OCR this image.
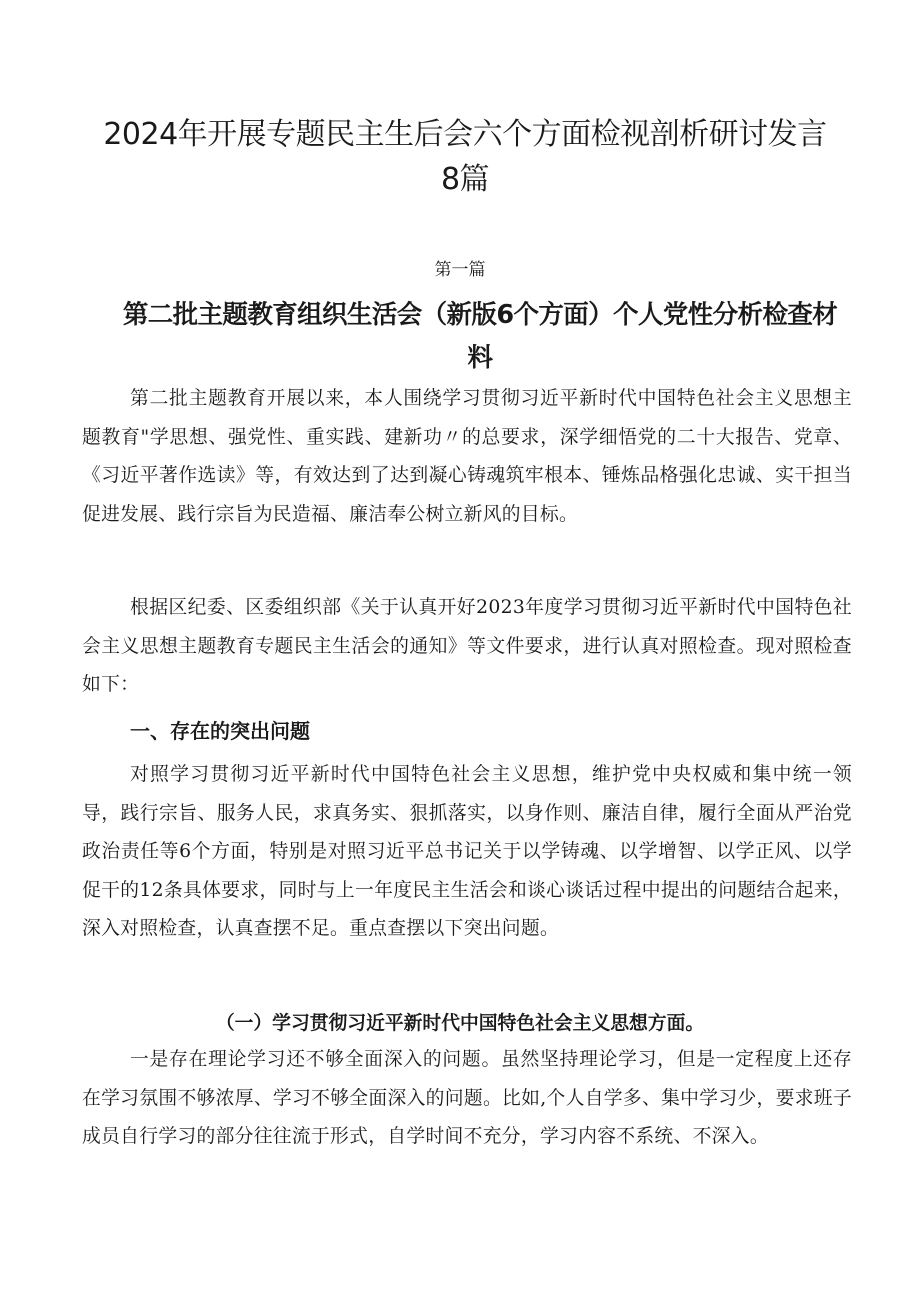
2024年开展专题民主生后会六个方面检视剖析研讨发言8篇
第一篇
第二批主题教育组织生活会（新版6个方面）个人党性分析检查材料

第二批主题教育开展以来，本人围绕学习贯彻习近平新时代中国特色社会主义思想主题教育"学思想、强党性、重实践、建新功〃的总要求，深学细悟党的二十大报告、党章、《习近平著作选读》等，有效达到了达到凝心铸魂筑牢根本、锤炼品格强化忠诚、实干担当促进发展、践行宗旨为民造福、廉洁奉公树立新风的目标。

根据区纪委、区委组织部《关于认真开好2023年度学习贯彻习近平新时代中国特色社会主义思想主题教育专题民主生活会的通知》等文件要求，进行认真对照检查。现对照检查如下：

一、存在的突出问题

对照学习贯彻习近平新时代中国特色社会主义思想，维护党中央权威和集中统一领导，践行宗旨、服务人民，求真务实、狠抓落实，以身作则、廉洁自律，履行全面从严治党政治责任等6个方面，特别是对照习近平总书记关于以学铸魂、以学增智、以学正风、以学促干的12条具体要求，同时与上一年度民主生活会和谈心谈话过程中提出的问题结合起来，深入对照检查，认真查摆不足。重点查摆以下突出问题。

（一）学习贯彻习近平新时代中国特色社会主义思想方面。

一是存在理论学习还不够全面深入的问题。虽然坚持理论学习，但是一定程度上还存在学习氛围不够浓厚、学习不够全面深入的问题。比如,个人自学多、集中学习少，要求班子成员自行学习的部分往往流于形式，自学时间不充分，学习内容不系统、不深入。
